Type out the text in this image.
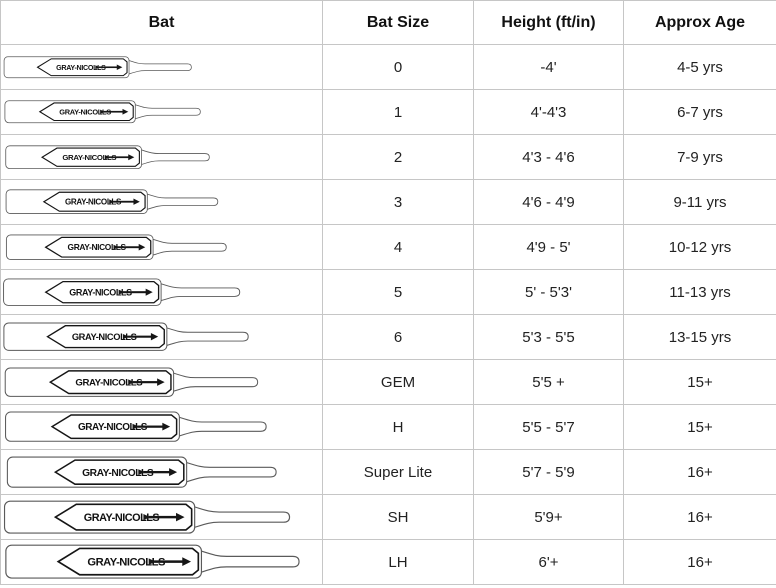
Bat	Bat Size	Height (ft/in)	Approx Age

	0	-4'	4-5 yrs

	1	4'-4'3	6-7 yrs

	2	4'3 - 4'6	7-9 yrs

	3	4'6 - 4'9	9-11 yrs

	4	4'9 - 5'	10-12 yrs

	5	5' - 5'3'	11-13 yrs

	6	5'3 - 5'5	13-15 yrs

	GEM	5'5 +	15+

	H	5'5 - 5'7	15+

	Super Lite	5'7 - 5'9	16+

	SH	5'9+	16+

	LH	6'+	16+
